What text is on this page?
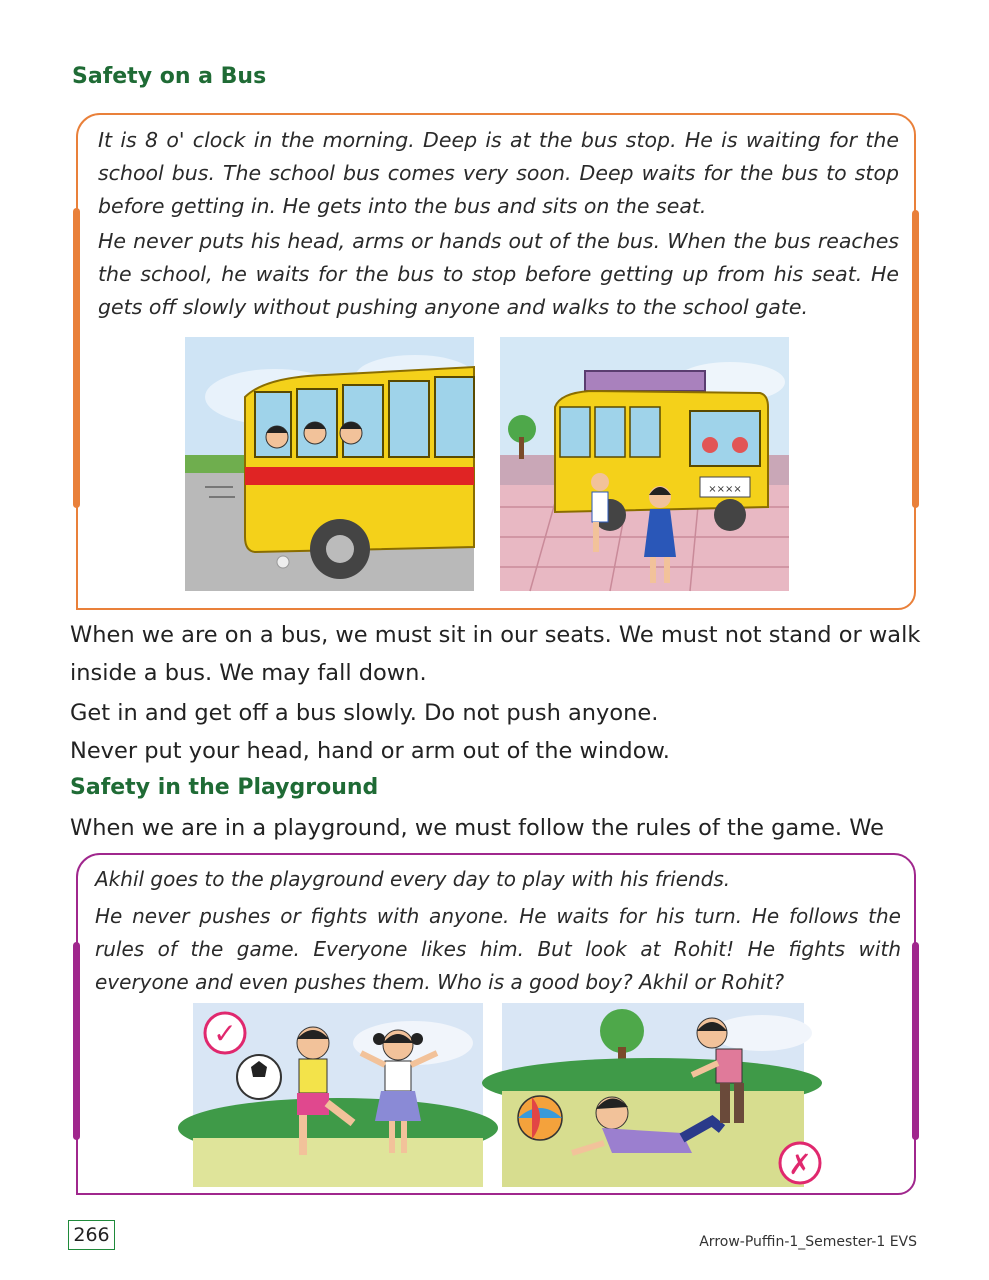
Safety on a Bus

It is 8 o' clock in the morning. Deep is at the bus stop. He is waiting for the school bus. The school bus comes very soon. Deep waits for the bus to stop before getting in. He gets into the bus and sits on the seat.

He never puts his head, arms or hands out of the bus. When the bus reaches the school, he waits for the bus to stop before getting up from his seat. He gets off slowly without pushing anyone and walks to the school gate.

××××
When we are on a bus, we must sit in our seats. We must not stand or walk
inside a bus. We may fall down.
Get in and get off a bus slowly. Do not push anyone.
Never put your head, hand or arm out of the window.
Safety in the Playground
When we are in a playground, we must follow the rules of the game. We

Akhil goes to the playground every day to play with his friends.

He never pushes or fights with anyone. He waits for his turn. He follows the rules of the game. Everyone likes him. But look at Rohit! He fights with everyone and even pushes them. Who is a good boy? Akhil or Rohit?

✓
✗
266	Arrow-Puffin-1_Semester-1 EVS
